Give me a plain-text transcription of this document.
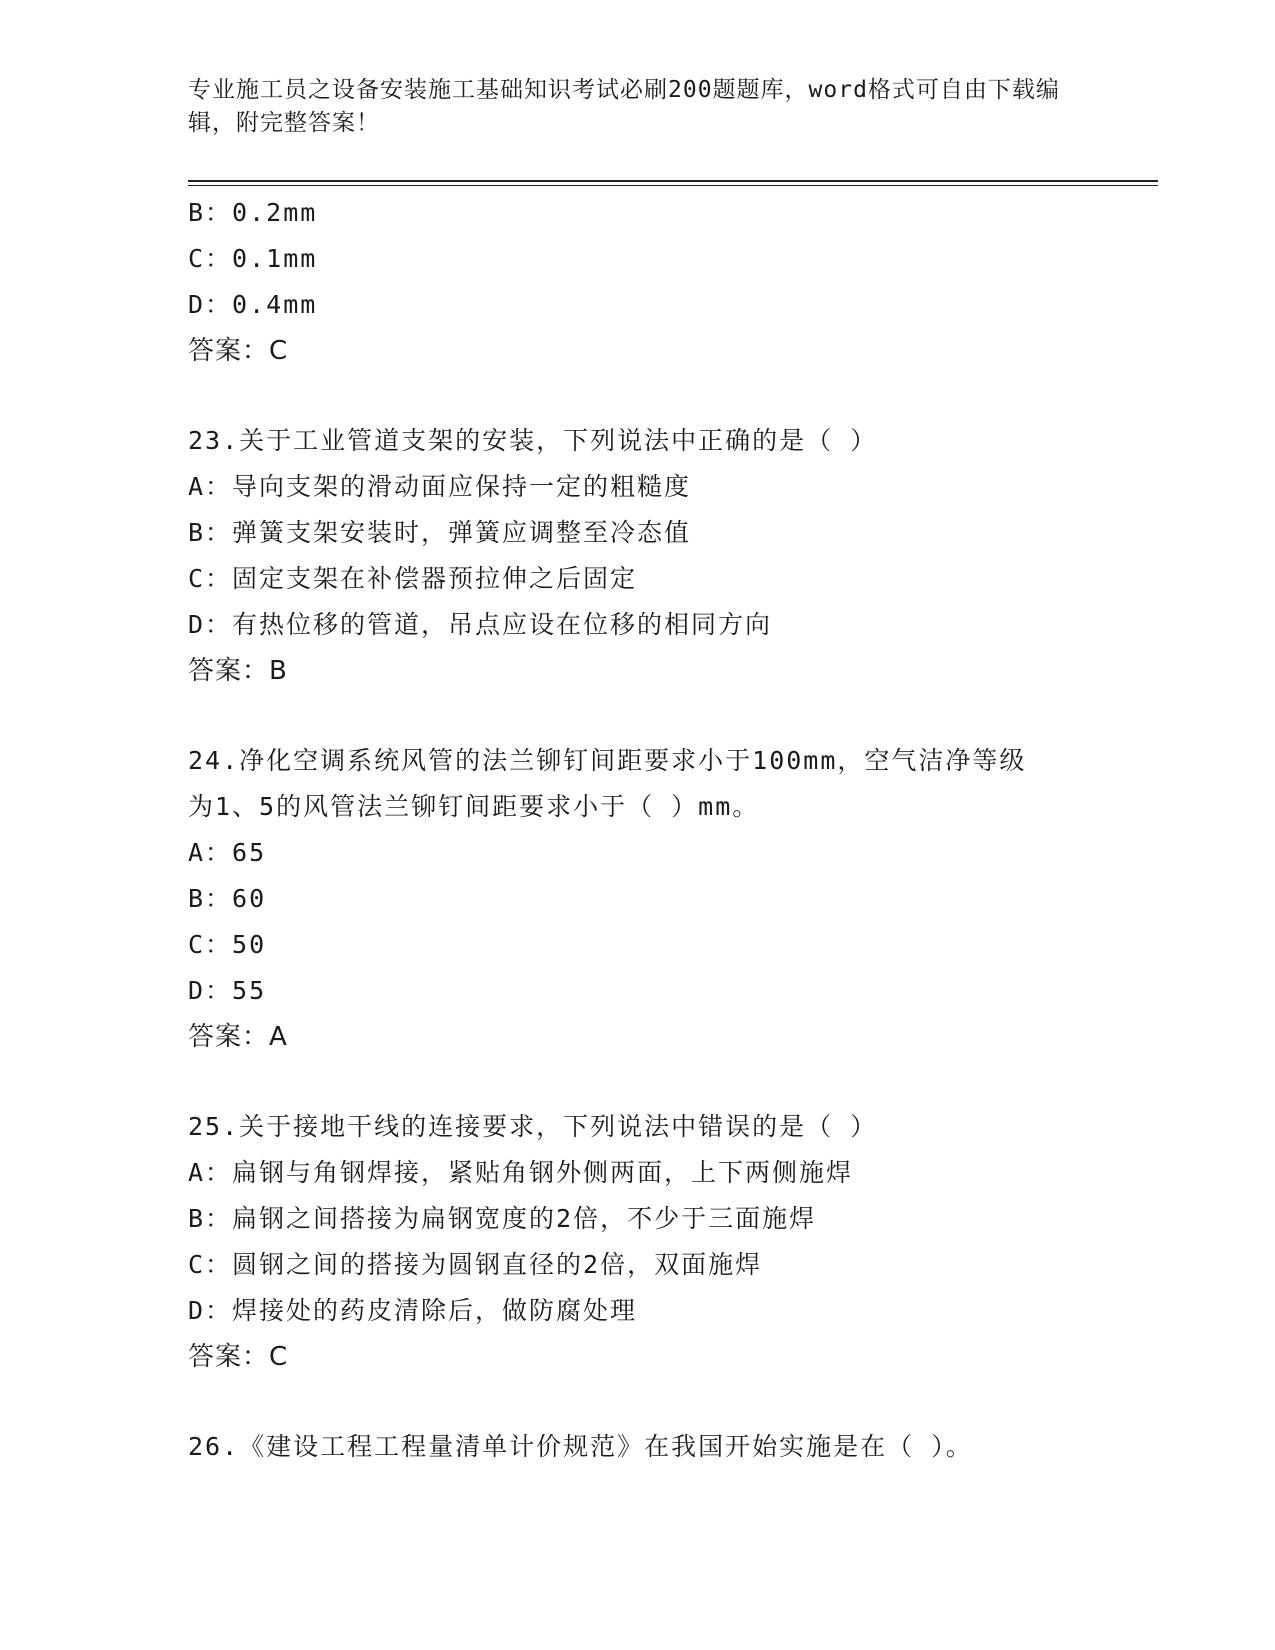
专业施工员之设备安装施工基础知识考试必刷200题题库，word格式可自由下载编辑，附完整答案！
B：0.2mm
C：0.1mm
D：0.4mm
答案：C
23.关于工业管道支架的安装，下列说法中正确的是（ ）
A：导向支架的滑动面应保持一定的粗糙度
B：弹簧支架安装时，弹簧应调整至冷态值
C：固定支架在补偿器预拉伸之后固定
D：有热位移的管道，吊点应设在位移的相同方向
答案：B
24.净化空调系统风管的法兰铆钉间距要求小于100mm，空气洁净等级
为1、5的风管法兰铆钉间距要求小于（ ）mm。
A：65
B：60
C：50
D：55
答案：A
25.关于接地干线的连接要求，下列说法中错误的是（ ）
A：扁钢与角钢焊接，紧贴角钢外侧两面，上下两侧施焊
B：扁钢之间搭接为扁钢宽度的2倍，不少于三面施焊
C：圆钢之间的搭接为圆钢直径的2倍，双面施焊
D：焊接处的药皮清除后，做防腐处理
答案：C
26.《建设工程工程量清单计价规范》在我国开始实施是在（ ）。
